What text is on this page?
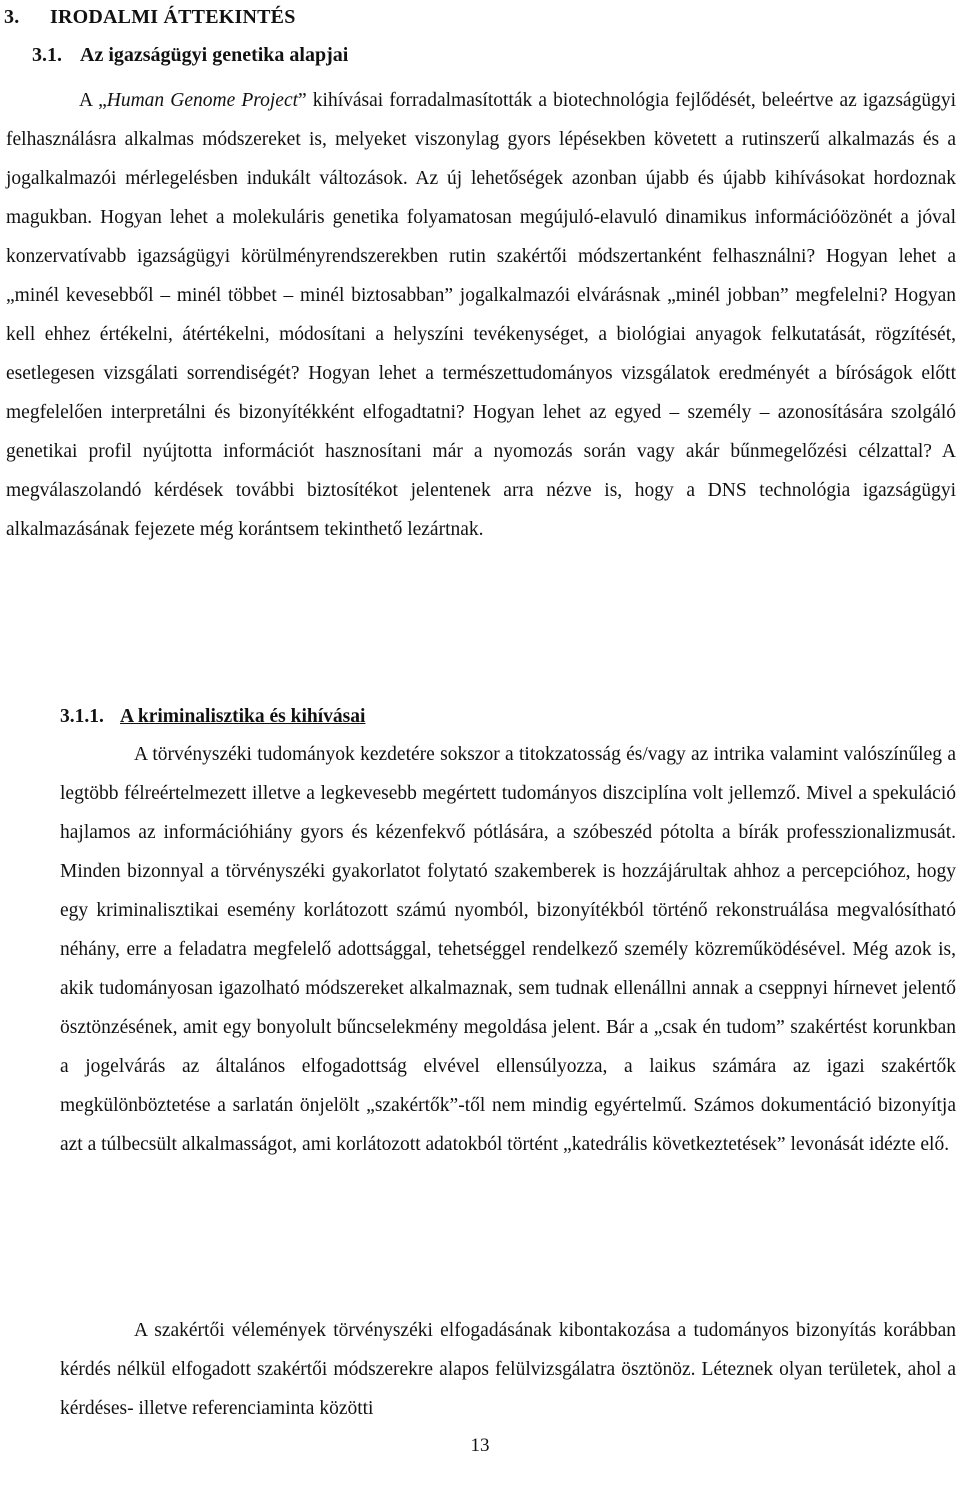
3. IRODALMI ÁTTEKINTÉS
3.1. Az igazságügyi genetika alapjai

A „Human Genome Project” kihívásai forradalmasították a biotechnológia fejlődését, beleértve az igazságügyi felhasználásra alkalmas módszereket is, melyeket viszonylag gyors lépésekben követett a rutinszerű alkalmazás és a jogalkalmazói mérlegelésben indukált változások. Az új lehetőségek azonban újabb és újabb kihívásokat hordoznak magukban. Hogyan lehet a molekuláris genetika folyamatosan megújuló-elavuló dinamikus információözönét a jóval konzervatívabb igazságügyi körülményrendszerekben rutin szakértői módszertanként felhasználni? Hogyan lehet a „minél kevesebből – minél többet – minél biztosabban” jogalkalmazói elvárásnak „minél jobban” megfelelni? Hogyan kell ehhez értékelni, átértékelni, módosítani a helyszíni tevékenységet, a biológiai anyagok felkutatását, rögzítését, esetlegesen vizsgálati sorrendiségét? Hogyan lehet a természettudományos vizsgálatok eredményét a bíróságok előtt megfelelően interpretálni és bizonyítékként elfogadtatni? Hogyan lehet az egyed – személy – azonosítására szolgáló genetikai profil nyújtotta információt hasznosítani már a nyomozás során vagy akár bűnmegelőzési célzattal? A megválaszolandó kérdések további biztosítékot jelentenek arra nézve is, hogy a DNS technológia igazságügyi alkalmazásának fejezete még korántsem tekinthető lezártnak.

3.1.1. A kriminalisztika és kihívásai

A törvényszéki tudományok kezdetére sokszor a titokzatosság és/vagy az intrika valamint valószínűleg a legtöbb félreértelmezett illetve a legkevesebb megértett tudományos diszciplína volt jellemző. Mivel a spekuláció hajlamos az információhiány gyors és kézenfekvő pótlására, a szóbeszéd pótolta a bírák professzionalizmusát. Minden bizonnyal a törvényszéki gyakorlatot folytató szakemberek is hozzájárultak ahhoz a percepcióhoz, hogy egy kriminalisztikai esemény korlátozott számú nyomból, bizonyítékból történő rekonstruálása megvalósítható néhány, erre a feladatra megfelelő adottsággal, tehetséggel rendelkező személy közreműködésével. Még azok is, akik tudományosan igazolható módszereket alkalmaznak, sem tudnak ellenállni annak a cseppnyi hírnevet jelentő ösztönzésének, amit egy bonyolult bűncselekmény megoldása jelent. Bár a „csak én tudom” szakértést korunkban a jogelvárás az általános elfogadottság elvével ellensúlyozza, a laikus számára az igazi szakértők megkülönböztetése a sarlatán önjelölt „szakértők”-től nem mindig egyértelmű. Számos dokumentáció bizonyítja azt a túlbecsült alkalmasságot, ami korlátozott adatokból történt „katedrális következtetések” levonását idézte elő.

A szakértői vélemények törvényszéki elfogadásának kibontakozása a tudományos bizonyítás korábban kérdés nélkül elfogadott szakértői módszerekre alapos felülvizsgálatra ösztönöz. Léteznek olyan területek, ahol a kérdéses- illetve referenciaminta közötti

13
